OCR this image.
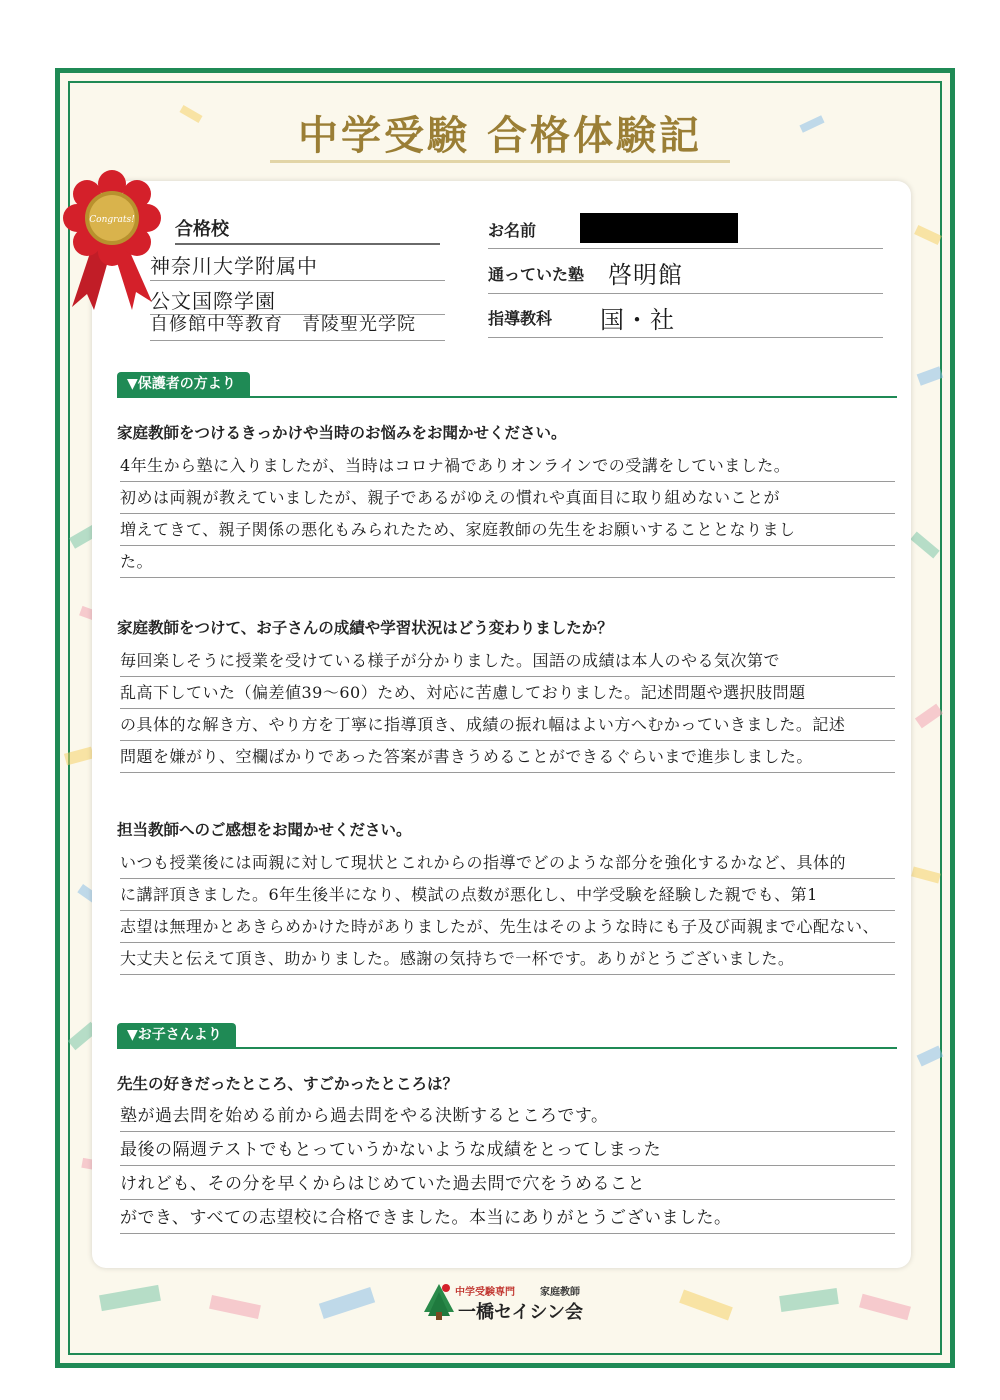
中学受験 合格体験記
Congrats! 合格校
神奈川大学附属中
公文国際学園
自修館中等教育　青陵聖光学院
お名前
通っていた塾 啓明館
指導教科 国・社
▼保護者の方より
家庭教師をつけるきっかけや当時のお悩みをお聞かせください。
4年生から塾に入りましたが、当時はコロナ禍でありオンラインでの受講をしていました。
初めは両親が教えていましたが、親子であるがゆえの慣れや真面目に取り組めないことが
増えてきて、親子関係の悪化もみられたため、家庭教師の先生をお願いすることとなりまし
た。
家庭教師をつけて、お子さんの成績や学習状況はどう変わりましたか？
毎回楽しそうに授業を受けている様子が分かりました。国語の成績は本人のやる気次第で
乱高下していた（偏差値39〜60）ため、対応に苦慮しておりました。記述問題や選択肢問題
の具体的な解き方、やり方を丁寧に指導頂き、成績の振れ幅はよい方へむかっていきました。記述
問題を嫌がり、空欄ばかりであった答案が書きうめることができるぐらいまで進歩しました。
担当教師へのご感想をお聞かせください。
いつも授業後には両親に対して現状とこれからの指導でどのような部分を強化するかなど、具体的
に講評頂きました。6年生後半になり、模試の点数が悪化し、中学受験を経験した親でも、第1
志望は無理かとあきらめかけた時がありましたが、先生はそのような時にも子及び両親まで心配ない、
大丈夫と伝えて頂き、助かりました。感謝の気持ちで一杯です。ありがとうございました。
▼お子さんより
先生の好きだったところ、すごかったところは？
塾が過去問を始める前から過去問をやる決断するところです。
最後の隔週テストでもとっていうかないような成績をとってしまった
けれども、その分を早くからはじめていた過去問で穴をうめること
ができ、すべての志望校に合格できました。本当にありがとうございました。
中学受験専門	家庭教師
一橋セイシン会
